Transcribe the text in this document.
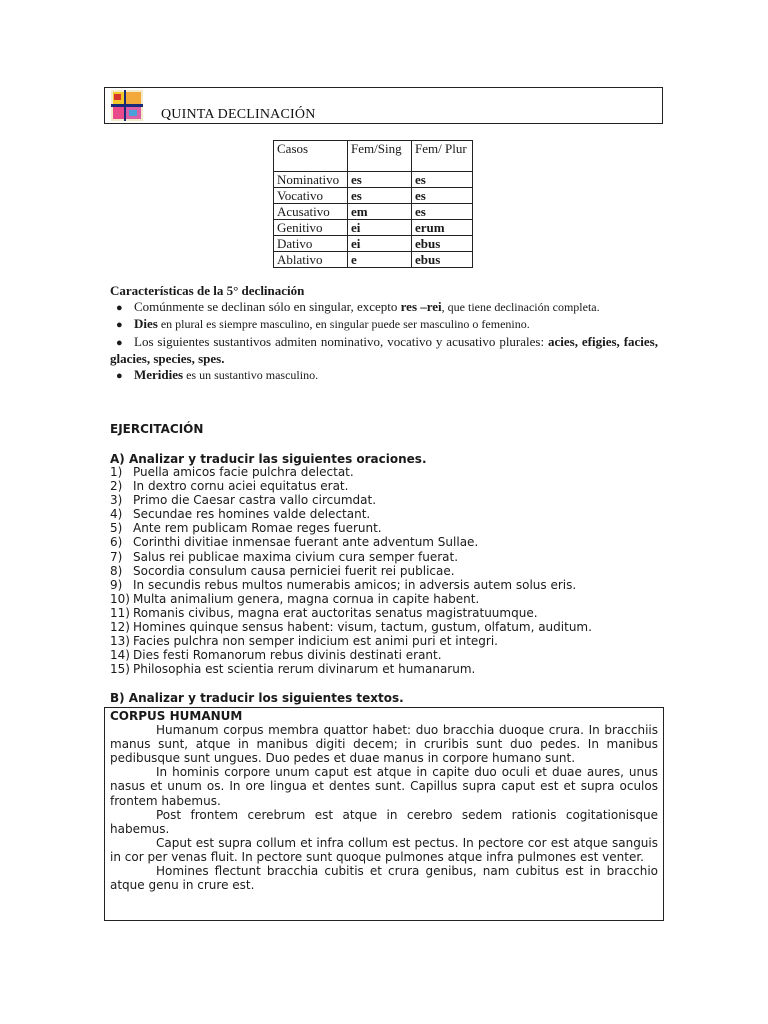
QUINTA DECLINACIÓN
Casos	Fem/Sing	Fem/ Plur
Nominativo	es	es
Vocativo	es	es
Acusativo	em	es
Genitivo	ei	erum
Dativo	ei	ebus
Ablativo	e	ebus
Características de la 5° declinación
● Comúnmente se declinan sólo en singular, excepto res –rei, que tiene declinación completa.
● Dies en plural es siempre masculino, en singular puede ser masculino o femenino.
● Los siguientes sustantivos admiten nominativo, vocativo y acusativo plurales: acies, efigies, facies, glacies, species, spes.
● Meridies es un sustantivo masculino.
EJERCITACIÓN
A) Analizar y traducir las siguientes oraciones.
1) Puella amicos facie pulchra delectat.
2) In dextro cornu aciei equitatus erat.
3) Primo die Caesar castra vallo circumdat.
4) Secundae res homines valde delectant.
5) Ante rem publicam Romae reges fuerunt.
6) Corinthi divitiae inmensae fuerant ante adventum Sullae.
7) Salus rei publicae maxima civium cura semper fuerat.
8) Socordia consulum causa perniciei fuerit rei publicae.
9) In secundis rebus multos numerabis amicos; in adversis autem solus eris.
10) Multa animalium genera, magna cornua in capite habent.
11) Romanis civibus, magna erat auctoritas senatus magistratuumque.
12) Homines quinque sensus habent: visum, tactum, gustum, olfatum, auditum.
13) Facies pulchra non semper indicium est animi puri et integri.
14) Dies festi Romanorum rebus divinis destinati erant.
15) Philosophia est scientia rerum divinarum et humanarum.
B) Analizar y traducir los siguientes textos.
CORPUS HUMANUM

Humanum corpus membra quattor habet: duo bracchia duoque crura. In bracchiis manus sunt, atque in manibus digiti decem; in cruribis sunt duo pedes. In manibus pedibusque sunt ungues. Duo pedes et duae manus in corpore humano sunt.

In hominis corpore unum caput est atque in capite duo oculi et duae aures, unus nasus et unum os. In ore lingua et dentes sunt. Capillus supra caput est et supra oculos frontem habemus.

Post frontem cerebrum est atque in cerebro sedem rationis cogitationisque habemus.

Caput est supra collum et infra collum est pectus. In pectore cor est atque sanguis in cor per venas fluit. In pectore sunt quoque pulmones atque infra pulmones est venter.

Homines flectunt bracchia cubitis et crura genibus, nam cubitus est in bracchio atque genu in crure est.
